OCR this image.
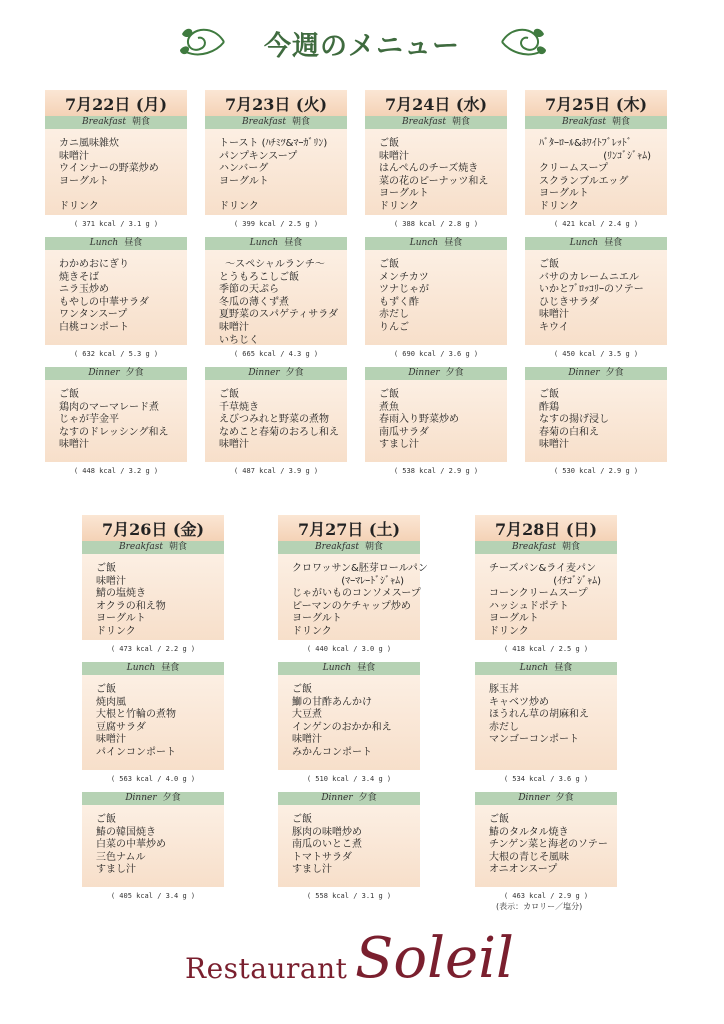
今週のメニュー
7月22日 (月)
Breakfast 朝食
カニ風味雑炊
味噌汁
ウインナーの野菜炒め
ヨーグルト

ドリンク
( 371 kcal / 3.1 g )
Lunch 昼食
わかめおにぎり
焼きそば
ニラ玉炒め
もやしの中華サラダ
ワンタンスープ
白桃コンポート
( 632 kcal / 5.3 g )
Dinner 夕食
ご飯
鶏肉のマーマレード煮
じゃが芋金平
なすのドレッシング和え
味噌汁
( 448 kcal / 3.2 g )
7月23日 (火)
Breakfast 朝食
トースト (ﾊﾁﾐﾂ&ﾏｰｶﾞﾘﾝ)
パンプキンスープ
ハンバーグ
ヨーグルト

ドリンク
( 399 kcal / 2.5 g )
Lunch 昼食
～スペシャルランチ～
とうもろこしご飯
季節の天ぷら
冬瓜の薄くず煮
夏野菜のスパゲティサラダ
味噌汁
いちじく
( 665 kcal / 4.3 g )
Dinner 夕食
ご飯
千草焼き
えびつみれと野菜の煮物
なめこと春菊のおろし和え
味噌汁
( 487 kcal / 3.9 g )
7月24日 (水)
Breakfast 朝食
ご飯
味噌汁
はんぺんのチーズ焼き
菜の花のピーナッツ和え
ヨーグルト
ドリンク
( 388 kcal / 2.8 g )
Lunch 昼食
ご飯
メンチカツ
ツナじゃが
もずく酢
赤だし
りんご
( 690 kcal / 3.6 g )
Dinner 夕食
ご飯
煮魚
春雨入り野菜炒め
南瓜サラダ
すまし汁
( 538 kcal / 2.9 g )
7月25日 (木)
Breakfast 朝食
ﾊﾞﾀｰﾛｰﾙ&ﾎﾜｲﾄﾌﾞﾚｯﾄﾞ
(ﾘﾝｺﾞｼﾞｬﾑ)
クリームスープ
スクランブルエッグ
ヨーグルト
ドリンク
( 421 kcal / 2.4 g )
Lunch 昼食
ご飯
バサのカレームニエル
いかとﾌﾞﾛｯｺﾘｰのソテー
ひじきサラダ
味噌汁
キウイ
( 450 kcal / 3.5 g )
Dinner 夕食
ご飯
酢鶏
なすの揚げ浸し
春菊の白和え
味噌汁
( 530 kcal / 2.9 g )
7月26日 (金)
Breakfast 朝食
ご飯
味噌汁
鯖の塩焼き
オクラの和え物
ヨーグルト
ドリンク
( 473 kcal / 2.2 g )
Lunch 昼食
ご飯
焼肉風
大根と竹輪の煮物
豆腐サラダ
味噌汁
パインコンポート
( 563 kcal / 4.0 g )
Dinner 夕食
ご飯
鰆の韓国焼き
白菜の中華炒め
三色ナムル
すまし汁
( 405 kcal / 3.4 g )
7月27日 (土)
Breakfast 朝食
クロワッサン&胚芽ロールパン
(ﾏｰﾏﾚｰﾄﾞｼﾞｬﾑ)
じゃがいものコンソメスープ
ピーマンのケチャップ炒め
ヨーグルト
ドリンク
( 440 kcal / 3.0 g )
Lunch 昼食
ご飯
鰤の甘酢あんかけ
大豆煮
インゲンのおかか和え
味噌汁
みかんコンポート
( 510 kcal / 3.4 g )
Dinner 夕食
ご飯
豚肉の味噌炒め
南瓜のいとこ煮
トマトサラダ
すまし汁
( 558 kcal / 3.1 g )
7月28日 (日)
Breakfast 朝食
チーズパン&ライ麦パン
(ｲﾁｺﾞｼﾞｬﾑ)
コーンクリームスープ
ハッシュドポテト
ヨーグルト
ドリンク
( 418 kcal / 2.5 g )
Lunch 昼食
豚玉丼
キャベツ炒め
ほうれん草の胡麻和え
赤だし
マンゴーコンポート
( 534 kcal / 3.6 g )
Dinner 夕食
ご飯
鰆のタルタル焼き
チンゲン菜と海老のソテー
大根の青じそ風味
オニオンスープ
( 463 kcal / 2.9 g )
(表示：カロリー／塩分)
Restaurant Soleil
